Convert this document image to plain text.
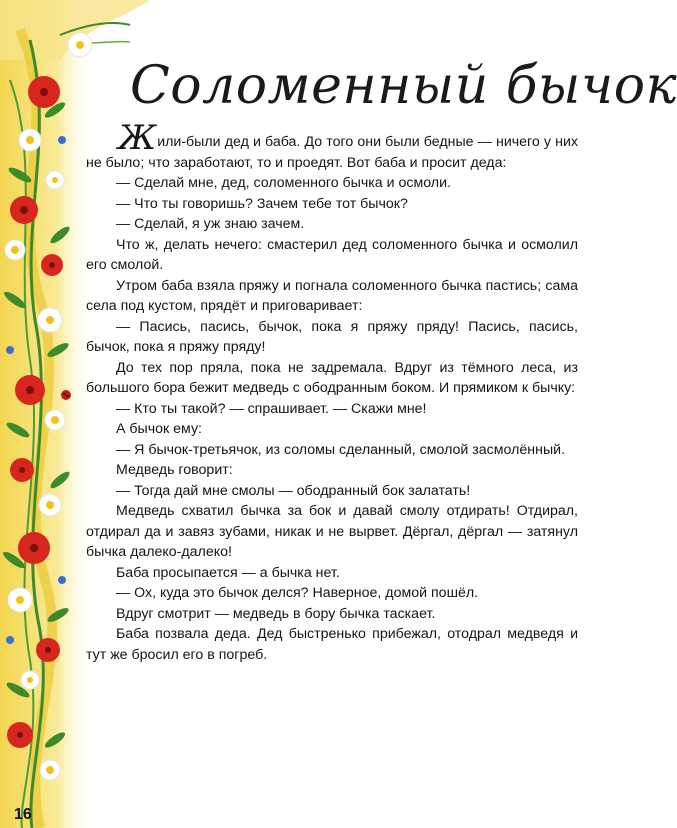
Соломенный бычок

Жили-были дед и баба. До того они были бедные — ничего у них не было; что заработают, то и проедят. Вот баба и просит деда:

— Сделай мне, дед, соломенного бычка и осмоли.

— Что ты говоришь? Зачем тебе тот бычок?

— Сделай, я уж знаю зачем.

Что ж, делать нечего: смастерил дед соломенного бычка и осмолил его смолой.

Утром баба взяла пряжу и погнала соломенного бычка пастись; сама села под кустом, прядёт и приговаривает:

— Пасись, пасись, бычок, пока я пряжу пряду! Пасись, пасись, бычок, пока я пряжу пряду!

До тех пор пряла, пока не задремала. Вдруг из тёмного леса, из большого бора бежит медведь с ободранным боком. И прямиком к бычку:

— Кто ты такой? — спрашивает. — Скажи мне!

А бычок ему:

— Я бычок-третьячок, из соломы сделанный, смолой засмолённый.

Медведь говорит:

— Тогда дай мне смолы — ободранный бок залатать!

Медведь схватил бычка за бок и давай смолу отдирать! Отдирал, отдирал да и завяз зубами, никак и не вырвет. Дёргал, дёргал — затянул бычка далеко-далеко!

Баба просыпается — а бычка нет.

— Ох, куда это бычок делся? Наверное, домой пошёл.

Вдруг смотрит — медведь в бору бычка таскает.

Баба позвала деда. Дед быстренько прибежал, отодрал медведя и тут же бросил его в погреб.

16
